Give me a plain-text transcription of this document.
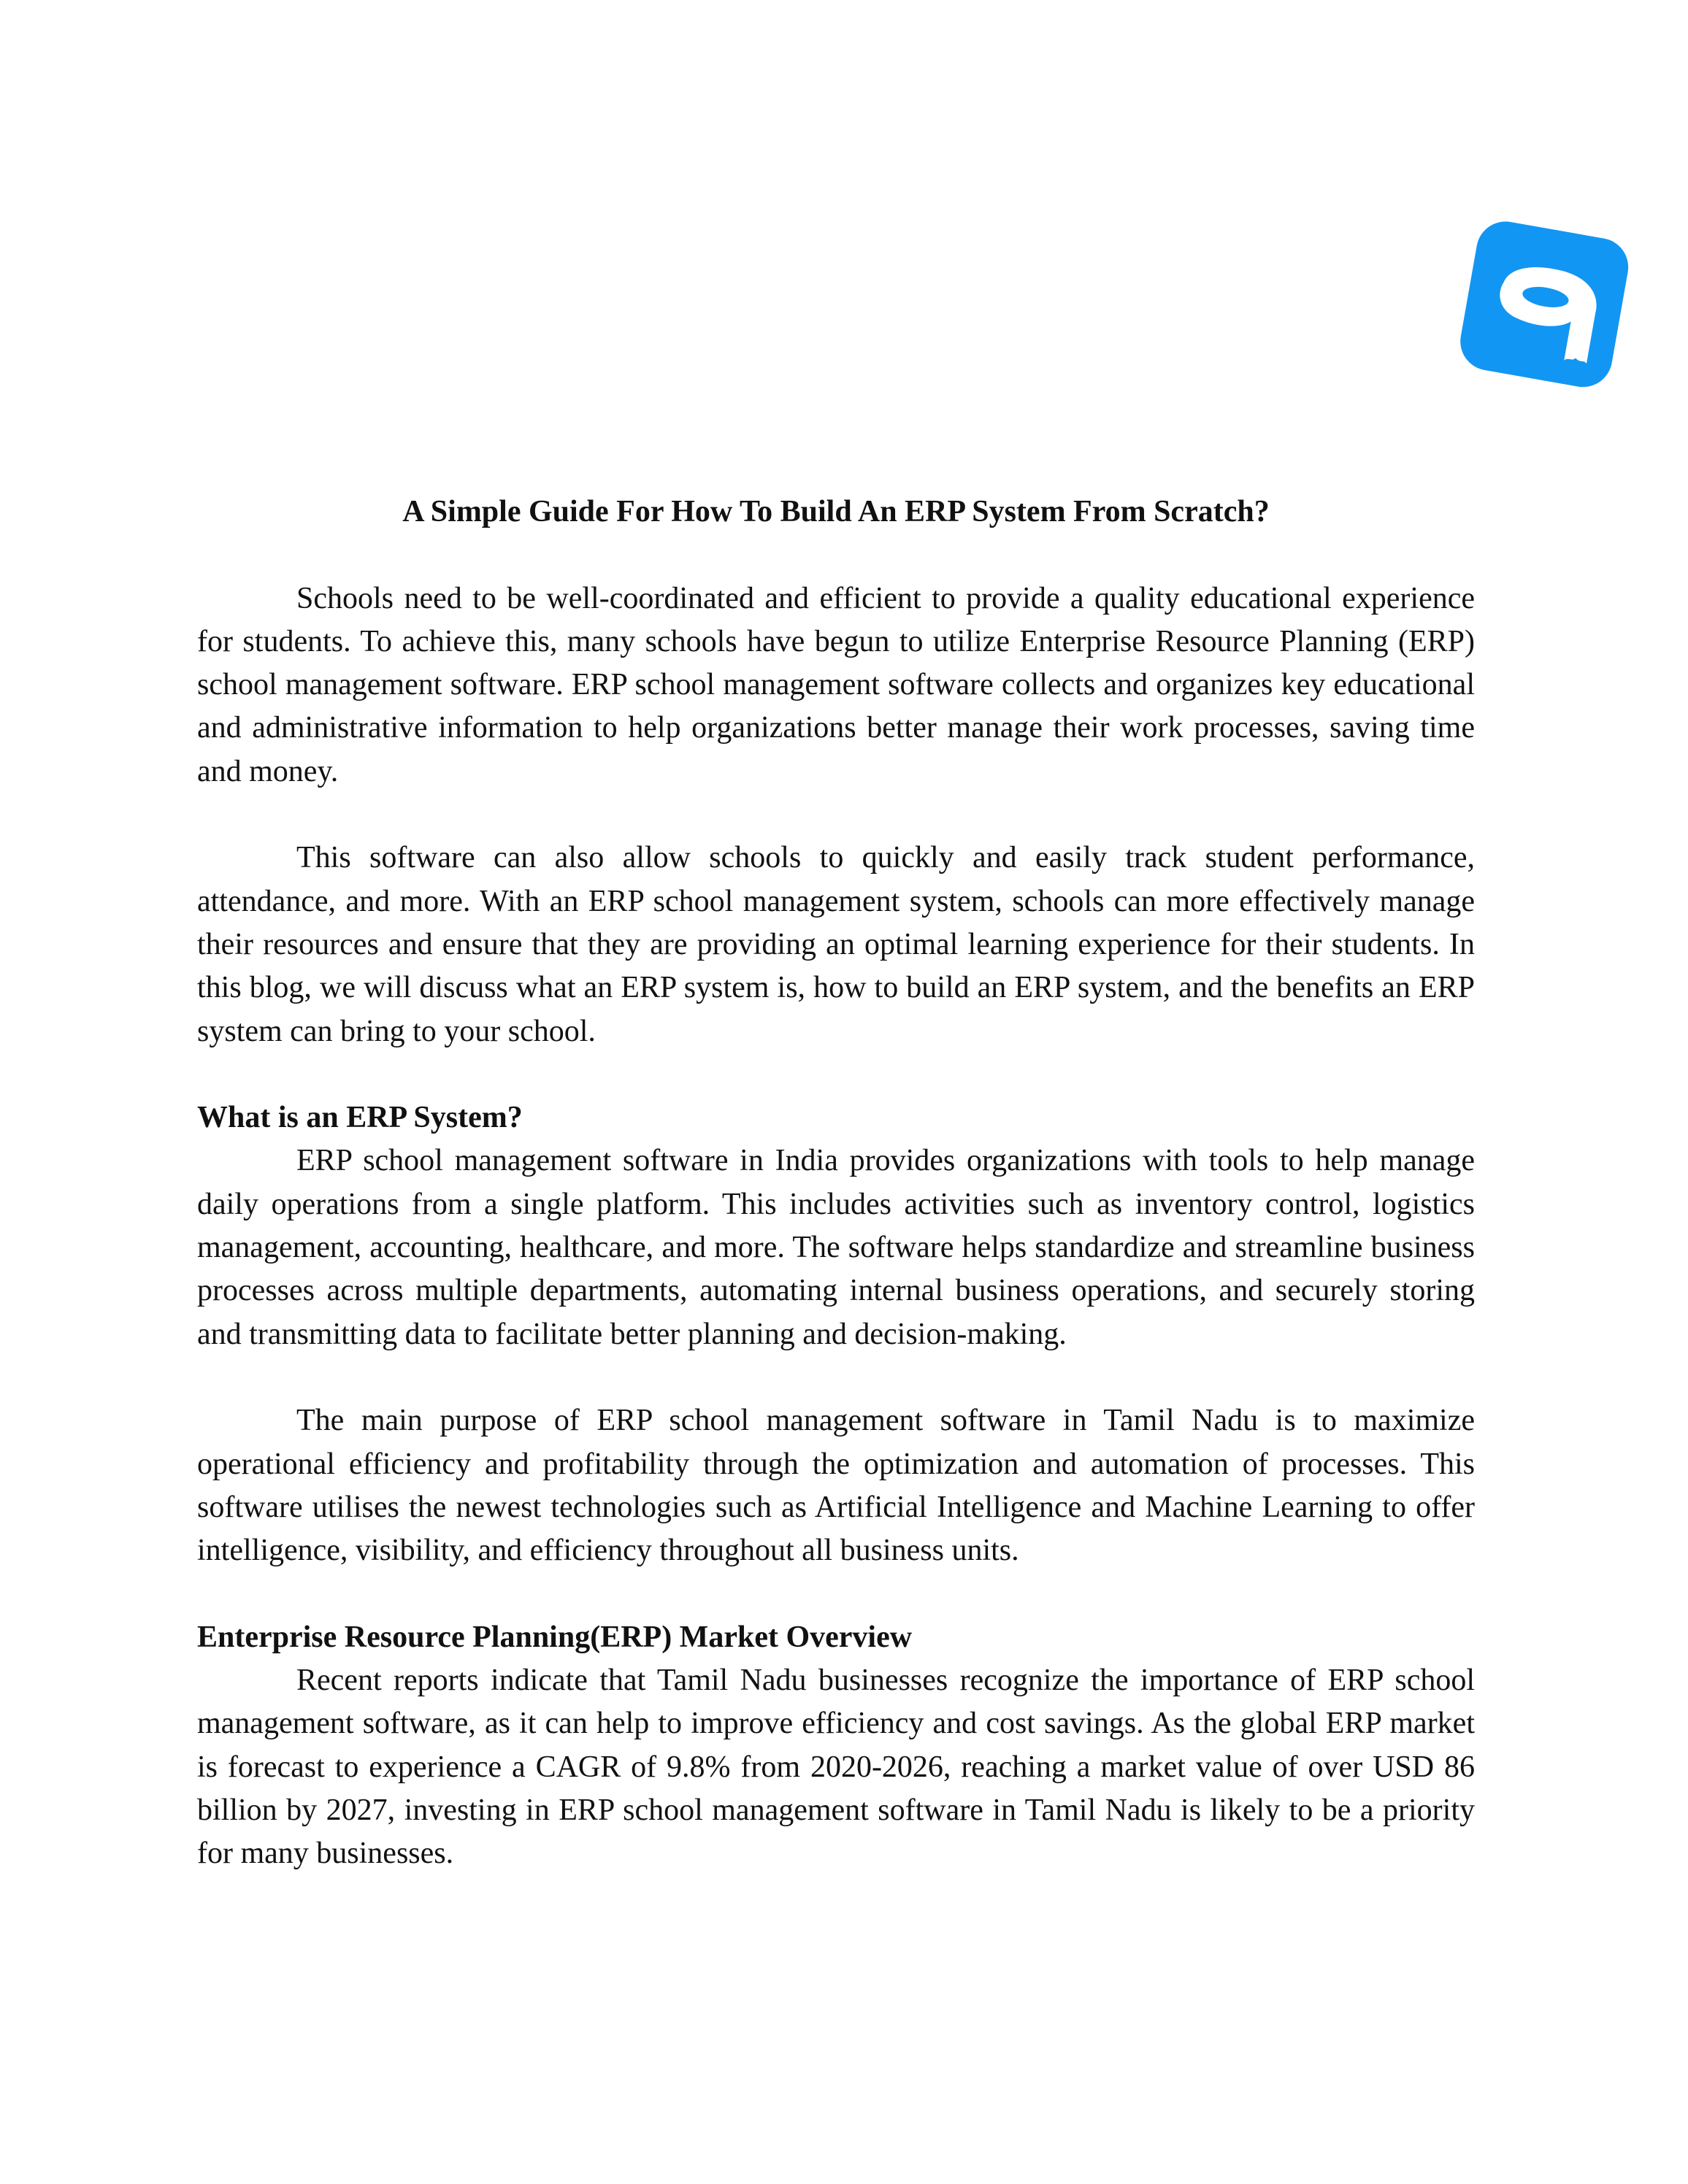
A Simple Guide For How To Build An ERP System From Scratch?

Schools need to be well-coordinated and efficient to provide a quality educational experience for students. To achieve this, many schools have begun to utilize Enterprise Resource Planning (ERP) school management software. ERP school management software collects and organizes key educational and administrative information to help organizations better manage their work processes, saving time and money.

This software can also allow schools to quickly and easily track student performance, attendance, and more. With an ERP school management system, schools can more effectively manage their resources and ensure that they are providing an optimal learning experience for their students. In this blog, we will discuss what an ERP system is, how to build an ERP system, and the benefits an ERP system can bring to your school.

What is an ERP System?

ERP school management software in India provides organizations with tools to help manage daily operations from a single platform. This includes activities such as inventory control, logistics management, accounting, healthcare, and more. The software helps standardize and streamline business processes across multiple departments, automating internal business operations, and securely storing and transmitting data to facilitate better planning and decision-making.

The main purpose of ERP school management software in Tamil Nadu is to maximize operational efficiency and profitability through the optimization and automation of processes. This software utilises the newest technologies such as Artificial Intelligence and Machine Learning to offer intelligence, visibility, and efficiency throughout all business units.

Enterprise Resource Planning(ERP) Market Overview

Recent reports indicate that Tamil Nadu businesses recognize the importance of ERP school management software, as it can help to improve efficiency and cost savings. As the global ERP market is forecast to experience a CAGR of 9.8% from 2020-2026, reaching a market value of over USD 86 billion by 2027, investing in ERP school management software in Tamil Nadu is likely to be a priority for many businesses.
